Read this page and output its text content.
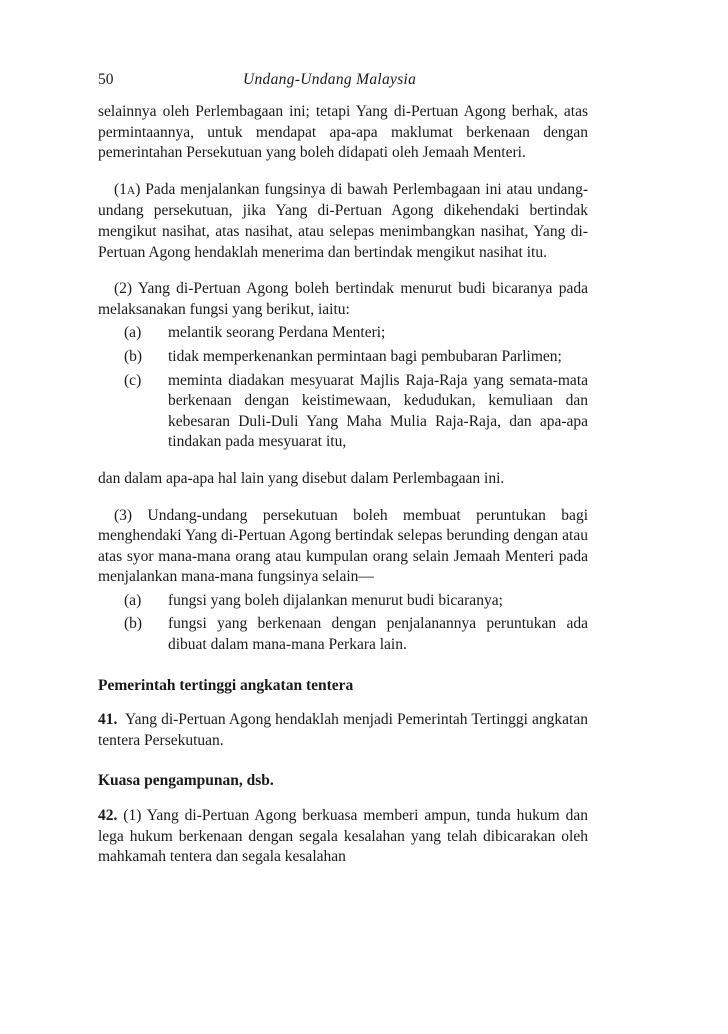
50	Undang-Undang Malaysia

selainnya oleh Perlembagaan ini; tetapi Yang di-Pertuan Agong berhak, atas permintaannya, untuk mendapat apa-apa maklumat berkenaan dengan pemerintahan Persekutuan yang boleh didapati oleh Jemaah Menteri.

(1A) Pada menjalankan fungsinya di bawah Perlembagaan ini atau undang-undang persekutuan, jika Yang di-Pertuan Agong dikehendaki bertindak mengikut nasihat, atas nasihat, atau selepas menimbangkan nasihat, Yang di-Pertuan Agong hendaklah menerima dan bertindak mengikut nasihat itu.

(2) Yang di-Pertuan Agong boleh bertindak menurut budi bicaranya pada melaksanakan fungsi yang berikut, iaitu:

(a)	melantik seorang Perdana Menteri;
(b)	tidak memperkenankan permintaan bagi pembubaran Parlimen;
(c)	meminta diadakan mesyuarat Majlis Raja-Raja yang semata-mata berkenaan dengan keistimewaan, kedudukan, kemuliaan dan kebesaran Duli-Duli Yang Maha Mulia Raja-Raja, dan apa-apa tindakan pada mesyuarat itu,

dan dalam apa-apa hal lain yang disebut dalam Perlembagaan ini.

(3) Undang-undang persekutuan boleh membuat peruntukan bagi menghendaki Yang di-Pertuan Agong bertindak selepas berunding dengan atau atas syor mana-mana orang atau kumpulan orang selain Jemaah Menteri pada menjalankan mana-mana fungsinya selain—

(a)	fungsi yang boleh dijalankan menurut budi bicaranya;
(b)	fungsi yang berkenaan dengan penjalanannya peruntukan ada dibuat dalam mana-mana Perkara lain.

Pemerintah tertinggi angkatan tentera

41. Yang di-Pertuan Agong hendaklah menjadi Pemerintah Tertinggi angkatan tentera Persekutuan.

Kuasa pengampunan, dsb.

42. (1) Yang di-Pertuan Agong berkuasa memberi ampun, tunda hukum dan lega hukum berkenaan dengan segala kesalahan yang telah dibicarakan oleh mahkamah tentera dan segala kesalahan
